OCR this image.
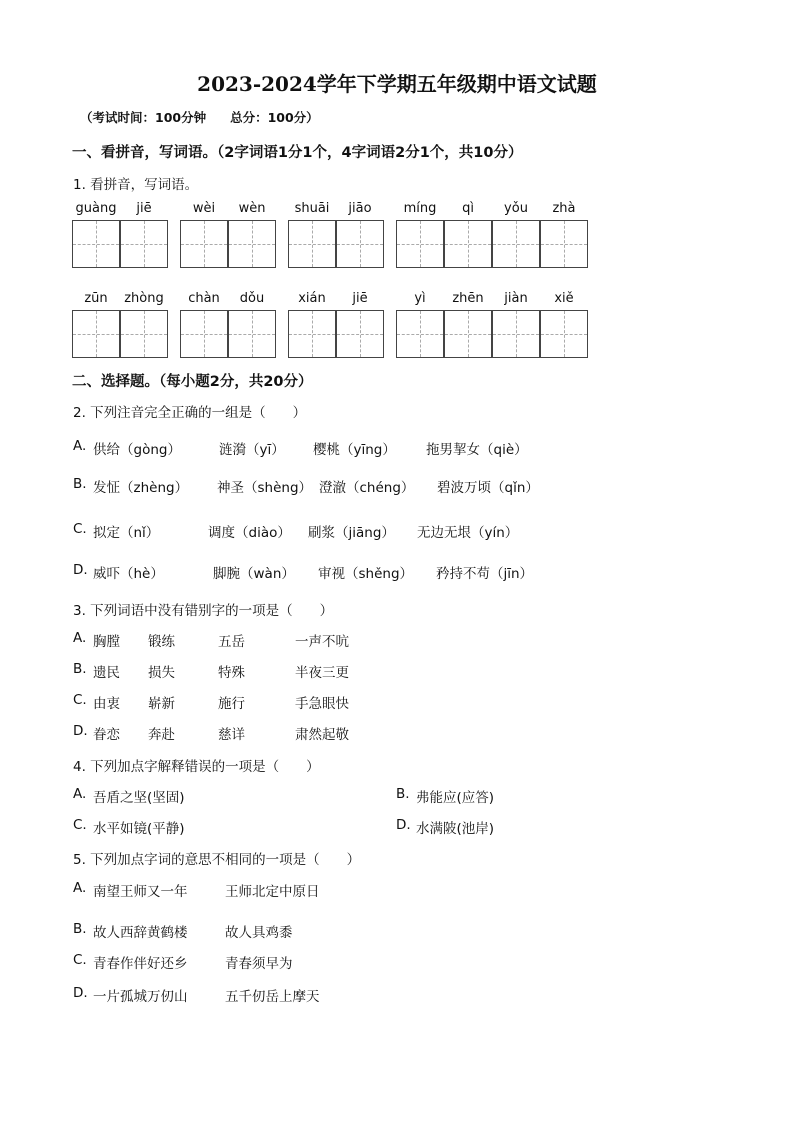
2023-2024学年下学期五年级期中语文试题
（考试时间：100分钟 总分：100分）
一、看拼音，写词语。（2字词语1分1个，4字词语2分1个，共10分）
1. 看拼音，写词语。
guàng	jiē	wèi	wèn	shuāi	jiāo	míng	qì	yǒu	zhà
zūn	zhòng	chàn	dǒu	xián	jiē	yì	zhēn	jiàn	xiě
二、选择题。（每小题2分，共20分）
2. 下列注音完全正确的一组是（　　）
A. 供给（gòng）	涟漪（yī） 樱桃（yīng） 拖男挈女（qiè）
B. 发怔（zhèng） 神圣（shèng） 澄澈（chéng） 碧波万顷（qǐn）
C. 拟定（nǐ）	调度（diào） 刷浆（jiāng） 无边无垠（yín）
D. 威吓（hè）	脚腕（wàn） 审视（shěng） 矜持不苟（jīn）
3. 下列词语中没有错别字的一项是（　　）
A. 胸膛 锻练	五岳	一声不吭
B. 遗民 损失	特殊	半夜三更
C. 由衷 崭新	施行	手急眼快
D. 眷恋 奔赴	慈详	肃然起敬
4. 下列加点字解释错误的一项是（　　）
A. 吾盾之坚(坚固)	B. 弗能应(应答)
C. 水平如镜(平静)	D. 水满陂(池岸)
5. 下列加点字词的意思不相同的一项是（　　）
A. 南望王师又一年	王师北定中原日
B. 故人西辞黄鹤楼	故人具鸡黍
C. 青春作伴好还乡	青春须早为
D. 一片孤城万仞山	五千仞岳上摩天
